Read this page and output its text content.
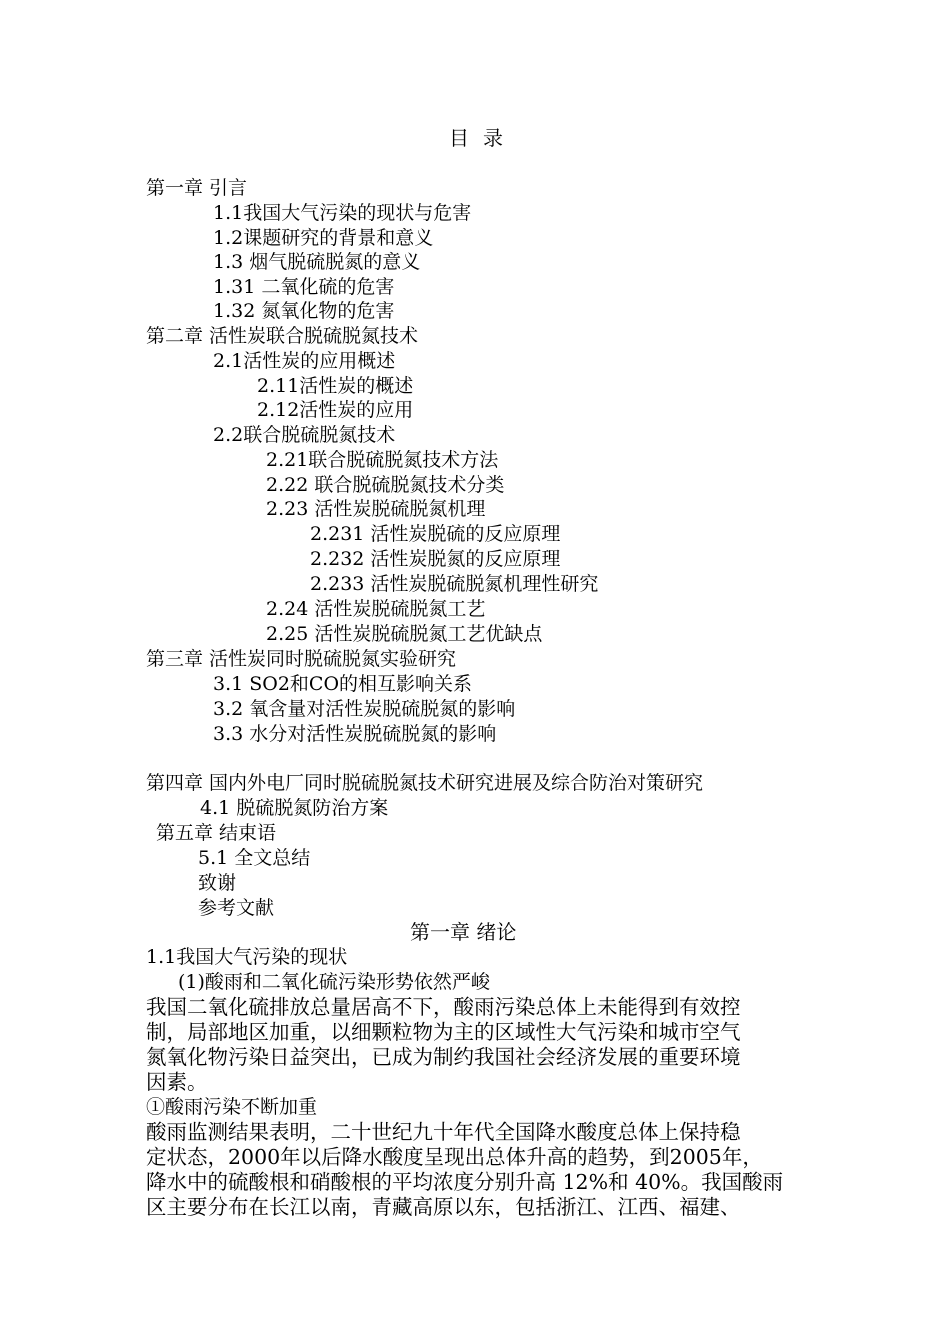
目录
第一章 引言
1.1我国大气污染的现状与危害
1.2课题研究的背景和意义
1.3 烟气脱硫脱氮的意义
1.31 二氧化硫的危害
1.32 氮氧化物的危害
第二章 活性炭联合脱硫脱氮技术
2.1活性炭的应用概述
2.11活性炭的概述
2.12活性炭的应用
2.2联合脱硫脱氮技术
2.21联合脱硫脱氮技术方法
2.22 联合脱硫脱氮技术分类
2.23 活性炭脱硫脱氮机理
2.231 活性炭脱硫的反应原理
2.232 活性炭脱氮的反应原理
2.233 活性炭脱硫脱氮机理性研究
2.24 活性炭脱硫脱氮工艺
2.25 活性炭脱硫脱氮工艺优缺点
第三章 活性炭同时脱硫脱氮实验研究
3.1 SO2和CO的相互影响关系
3.2 氧含量对活性炭脱硫脱氮的影响
3.3 水分对活性炭脱硫脱氮的影响
第四章 国内外电厂同时脱硫脱氮技术研究进展及综合防治对策研究
4.1 脱硫脱氮防治方案
第五章 结束语
5.1 全文总结
致谢
参考文献
第一章 绪论
1.1我国大气污染的现状
(1)酸雨和二氧化硫污染形势依然严峻
我国二氧化硫排放总量居高不下，酸雨污染总体上未能得到有效控
制，局部地区加重，以细颗粒物为主的区域性大气污染和城市空气
氮氧化物污染日益突出，已成为制约我国社会经济发展的重要环境
因素。
①酸雨污染不断加重
酸雨监测结果表明，二十世纪九十年代全国降水酸度总体上保持稳
定状态，2000年以后降水酸度呈现出总体升高的趋势，到2005年，
降水中的硫酸根和硝酸根的平均浓度分别升高 12%和 40%。我国酸雨
区主要分布在长江以南，青藏高原以东，包括浙江、江西、福建、
